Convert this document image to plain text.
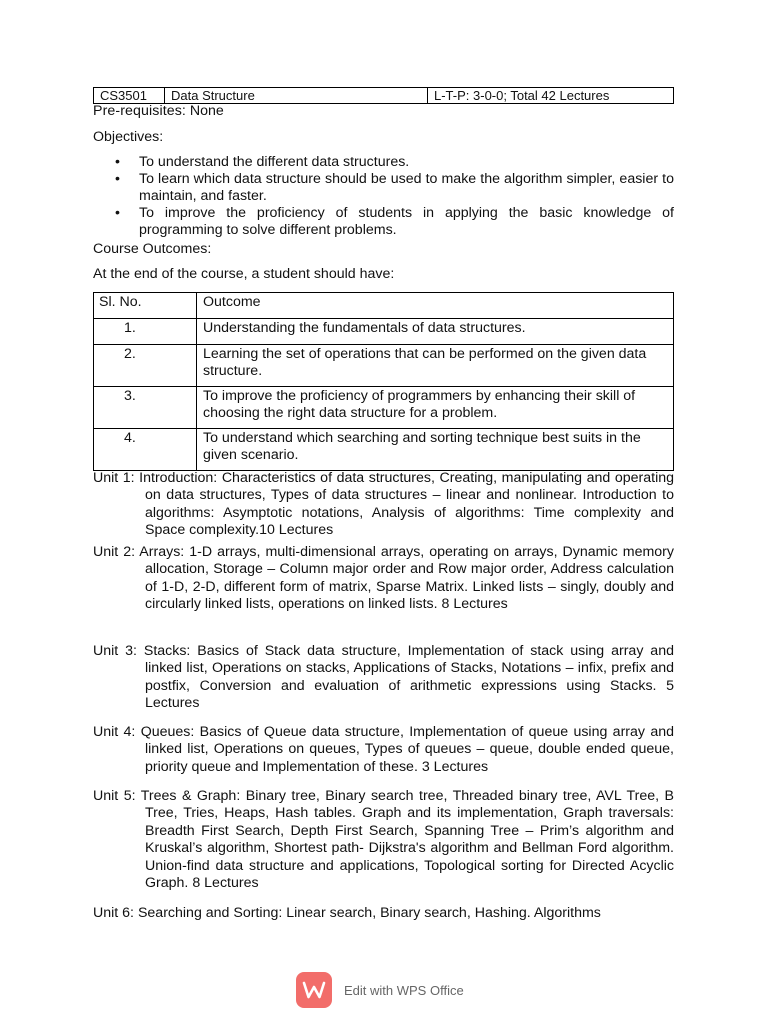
CS3501	Data Structure	L-T-P: 3-0-0; Total 42 Lectures
Pre-requisites: None
Objectives:
• To understand the different data structures.
• To learn which data structure should be used to make the algorithm simpler, easier to maintain, and faster.
• To improve the proficiency of students in applying the basic knowledge of programming to solve different problems.
Course Outcomes:
At the end of the course, a student should have:
Sl. No.	Outcome

1.	Understanding the fundamentals of data structures.

2.	Learning the set of operations that can be performed on the given data structure.

3.	To improve the proficiency of programmers by enhancing their skill of choosing the right data structure for a problem.

4.	To understand which searching and sorting technique best suits in the given scenario.
Unit 1: Introduction: Characteristics of data structures, Creating, manipulating and operating on data structures, Types of data structures – linear and nonlinear. Introduction to algorithms: Asymptotic notations, Analysis of algorithms: Time complexity and Space complexity.10 Lectures
Unit 2: Arrays: 1-D arrays, multi-dimensional arrays, operating on arrays, Dynamic memory allocation, Storage – Column major order and Row major order, Address calculation of 1-D, 2-D, different form of matrix, Sparse Matrix. Linked lists – singly, doubly and circularly linked lists, operations on linked lists. 8 Lectures
Unit 3: Stacks: Basics of Stack data structure, Implementation of stack using array and linked list, Operations on stacks, Applications of Stacks, Notations – infix, prefix and postfix, Conversion and evaluation of arithmetic expressions using Stacks. 5 Lectures
Unit 4: Queues: Basics of Queue data structure, Implementation of queue using array and linked list, Operations on queues, Types of queues – queue, double ended queue, priority queue and Implementation of these. 3 Lectures
Unit 5: Trees & Graph: Binary tree, Binary search tree, Threaded binary tree, AVL Tree, B Tree, Tries, Heaps, Hash tables. Graph and its implementation, Graph traversals: Breadth First Search, Depth First Search, Spanning Tree – Prim’s algorithm and Kruskal’s algorithm, Shortest path- Dijkstra's algorithm and Bellman Ford algorithm. Union-find data structure and applications, Topological sorting for Directed Acyclic Graph. 8 Lectures
Unit 6: Searching and Sorting: Linear search, Binary search, Hashing. Algorithms
Edit with WPS Office
